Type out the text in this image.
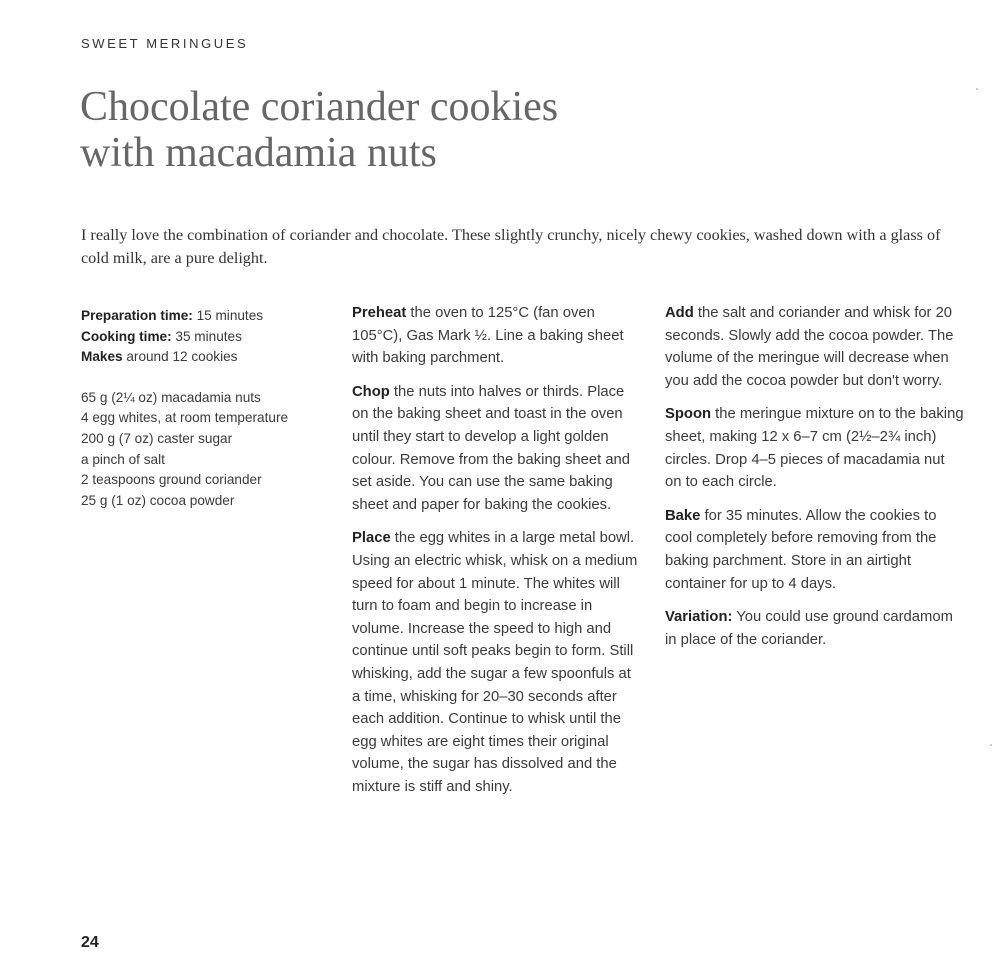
SWEET MERINGUES
Chocolate coriander cookies
with macadamia nuts

I really love the combination of coriander and chocolate. These slightly crunchy, nicely chewy cookies, washed down with a glass of cold milk, are a pure delight.

Preparation time: 15 minutes
Cooking time: 35 minutes
Makes around 12 cookies
65 g (2¼ oz) macadamia nuts
4 egg whites, at room temperature
200 g (7 oz) caster sugar
a pinch of salt
2 teaspoons ground coriander
25 g (1 oz) cocoa powder

Preheat the oven to 125°C (fan oven 105°C), Gas Mark ½. Line a baking sheet with baking parchment.

Chop the nuts into halves or thirds. Place on the baking sheet and toast in the oven until they start to develop a light golden colour. Remove from the baking sheet and set aside. You can use the same baking sheet and paper for baking the cookies.

Place the egg whites in a large metal bowl. Using an electric whisk, whisk on a medium speed for about 1 minute. The whites will turn to foam and begin to increase in volume. Increase the speed to high and continue until soft peaks begin to form. Still whisking, add the sugar a few spoonfuls at a time, whisking for 20–30 seconds after each addition. Continue to whisk until the egg whites are eight times their original volume, the sugar has dissolved and the mixture is stiff and shiny.

Add the salt and coriander and whisk for 20 seconds. Slowly add the cocoa powder. The volume of the meringue will decrease when you add the cocoa powder but don't worry.

Spoon the meringue mixture on to the baking sheet, making 12 x 6–7 cm (2½–2¾ inch) circles. Drop 4–5 pieces of macadamia nut on to each circle.

Bake for 35 minutes. Allow the cookies to cool completely before removing from the baking parchment. Store in an airtight container for up to 4 days.

Variation: You could use ground cardamom in place of the coriander.

24
